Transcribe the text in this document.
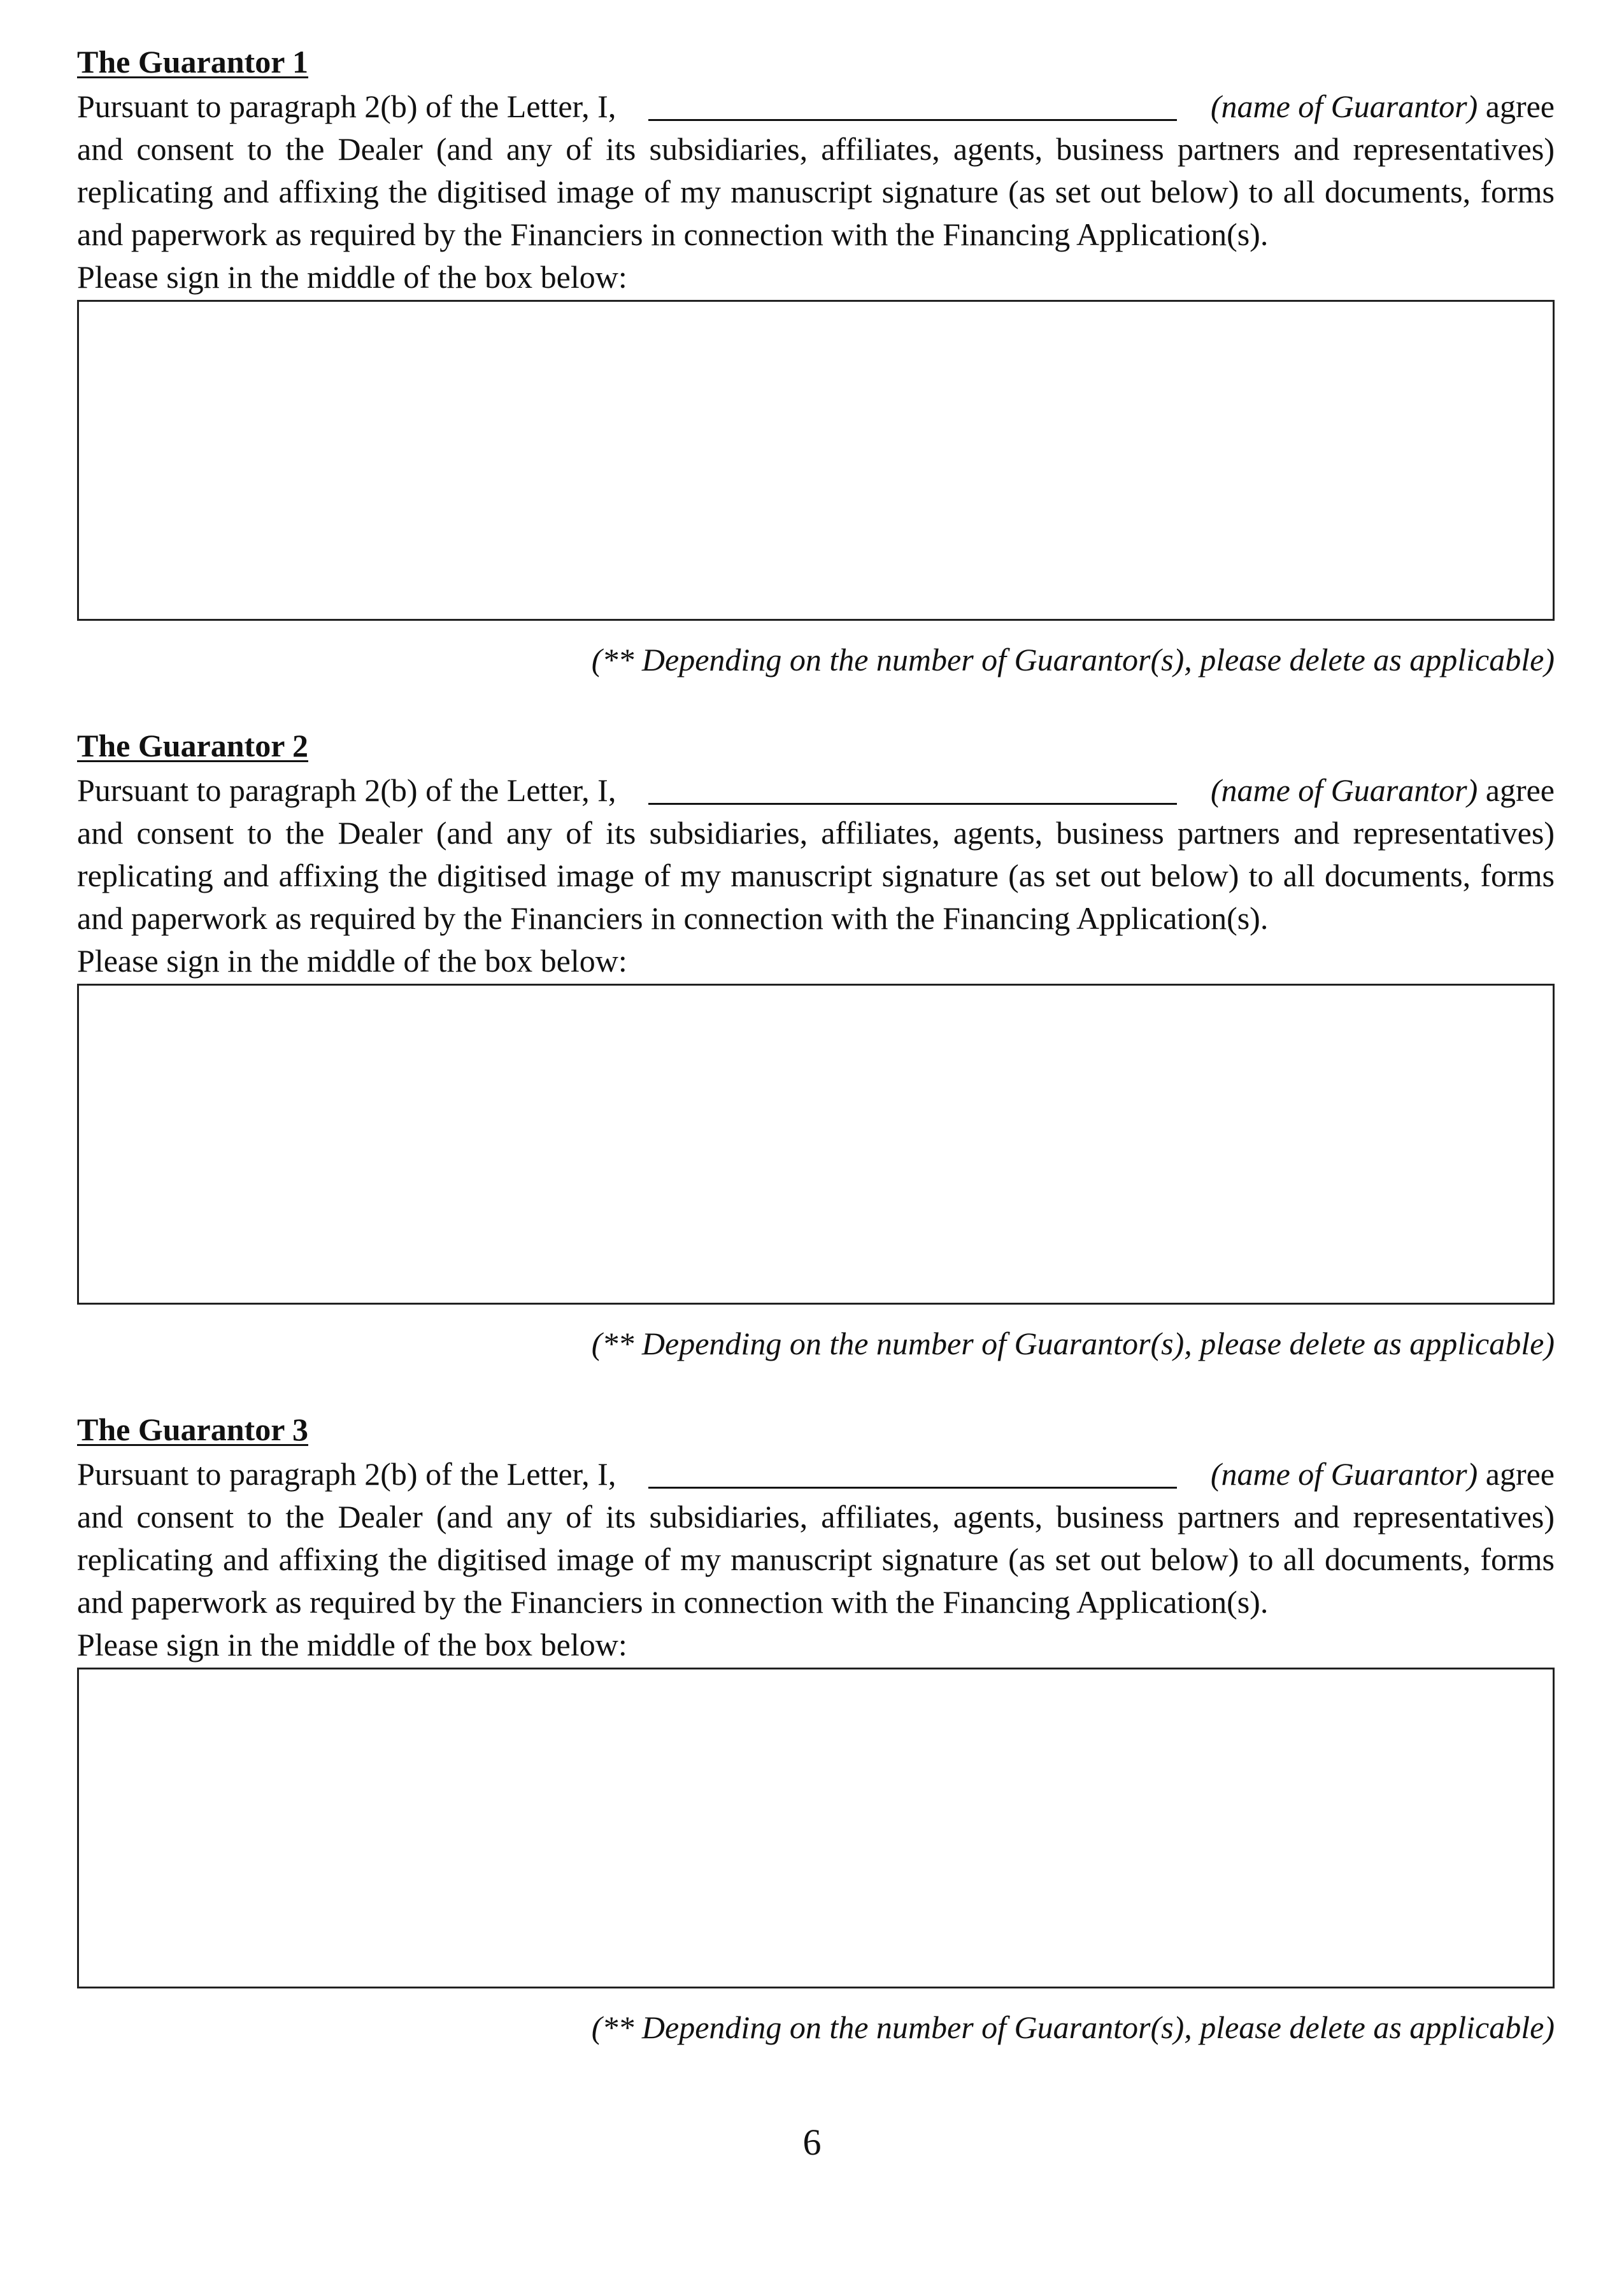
The Guarantor 1
Pursuant to paragraph 2(b) of the Letter, I,	(name of Guarantor) agree
and consent to the Dealer (and any of its subsidiaries, affiliates, agents, business partners and representatives)
replicating and affixing the digitised image of my manuscript signature (as set out below) to all documents, forms
and paperwork as required by the Financiers in connection with the Financing Application(s).
Please sign in the middle of the box below:
(** Depending on the number of Guarantor(s), please delete as applicable)
The Guarantor 2
Pursuant to paragraph 2(b) of the Letter, I,	(name of Guarantor) agree
and consent to the Dealer (and any of its subsidiaries, affiliates, agents, business partners and representatives)
replicating and affixing the digitised image of my manuscript signature (as set out below) to all documents, forms
and paperwork as required by the Financiers in connection with the Financing Application(s).
Please sign in the middle of the box below:
(** Depending on the number of Guarantor(s), please delete as applicable)
The Guarantor 3
Pursuant to paragraph 2(b) of the Letter, I,	(name of Guarantor) agree
and consent to the Dealer (and any of its subsidiaries, affiliates, agents, business partners and representatives)
replicating and affixing the digitised image of my manuscript signature (as set out below) to all documents, forms
and paperwork as required by the Financiers in connection with the Financing Application(s).
Please sign in the middle of the box below:
(** Depending on the number of Guarantor(s), please delete as applicable)
6
